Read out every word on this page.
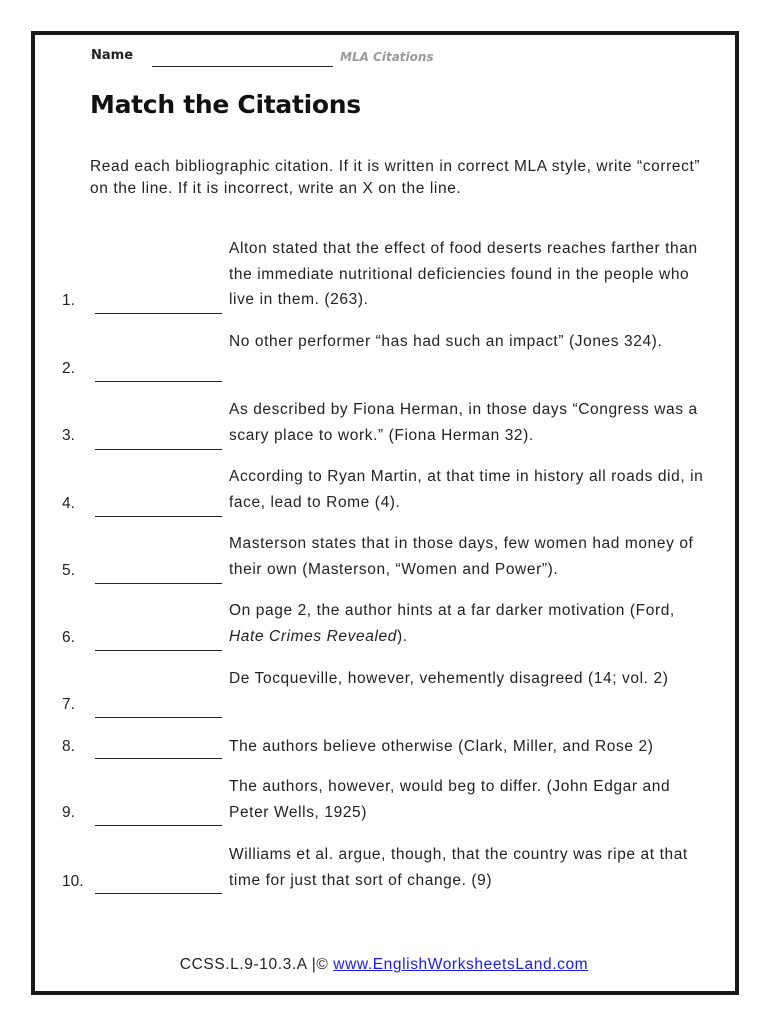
Name	MLA Citations
Match the Citations

Read each bibliographic citation. If it is written in correct MLA style, write “correct” on the line. If it is incorrect, write an X on the line.

1.

Alton stated that the effect of food deserts reaches farther than the immediate nutritional deficiencies found in the people who live in them. (263).

2.

No other performer “has had such an impact” (Jones 324).

3.

As described by Fiona Herman, in those days “Congress was a scary place to work.” (Fiona Herman 32).

4.

According to Ryan Martin, at that time in history all roads did, in face, lead to Rome (4).

5.

Masterson states that in those days, few women had money of their own (Masterson, “Women and Power”).

6.

On page 2, the author hints at a far darker motivation (Ford, Hate Crimes Revealed).

7.

De Tocqueville, however, vehemently disagreed (14; vol. 2)

8.	The authors believe otherwise (Clark, Miller, and Rose 2)

9.

The authors, however, would beg to differ. (John Edgar and Peter Wells, 1925)

10.

Williams et al. argue, though, that the country was ripe at that time for just that sort of change. (9)

CCSS.L.9-10.3.A |© www.EnglishWorksheetsLand.com
